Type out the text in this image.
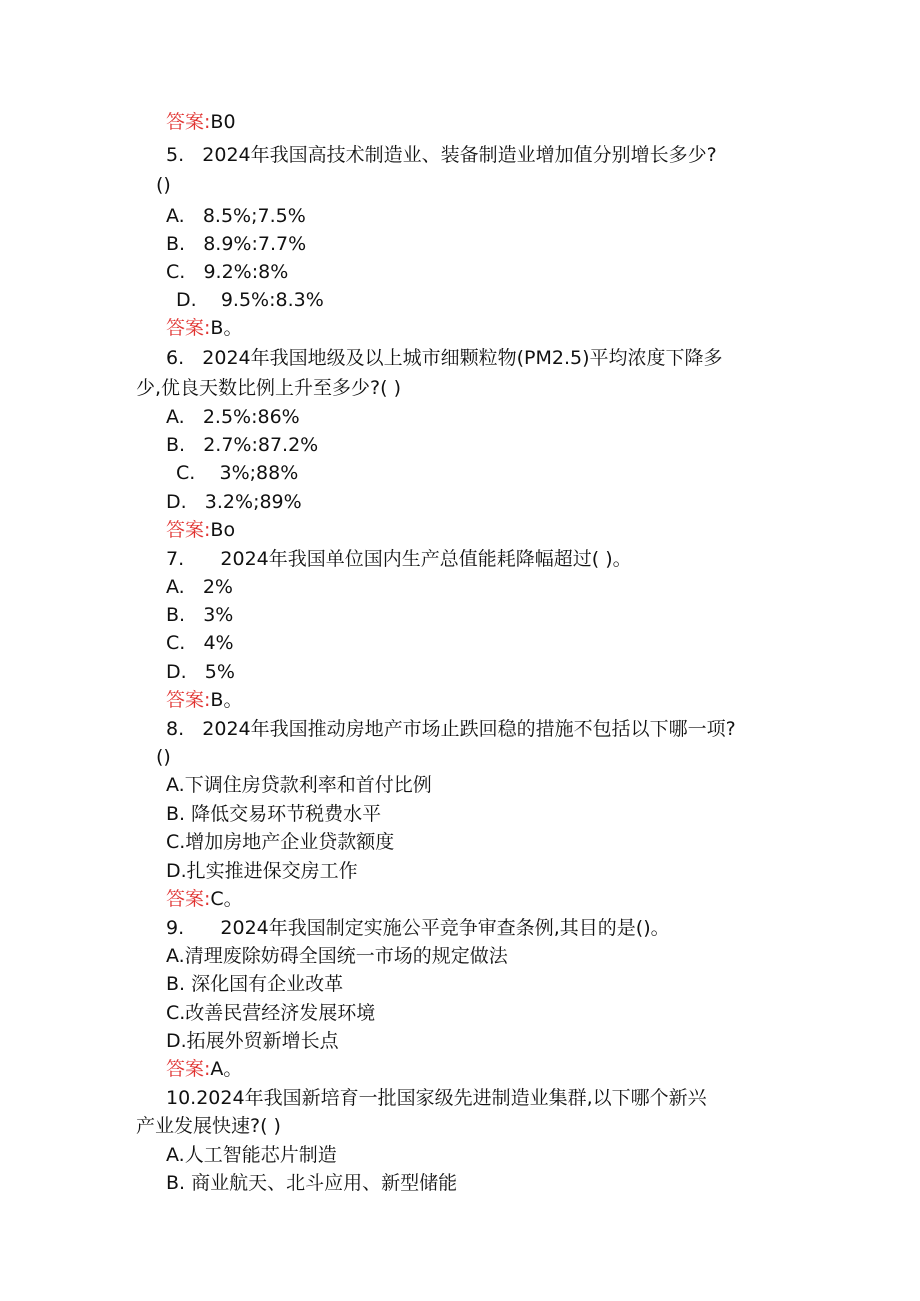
答案:B0
5. 2024年我国高技术制造业、装备制造业增加值分别增长多少?
()
A. 8.5%;7.5%
B. 8.9%:7.7%
C. 9.2%:8%
D. 9.5%:8.3%
答案:B。
6. 2024年我国地级及以上城市细颗粒物(PM2.5)平均浓度下降多
少,优良天数比例上升至多少?( )
A. 2.5%:86%
B. 2.7%:87.2%
C. 3%;88%
D. 3.2%;89%
答案:Bo
7. 2024年我国单位国内生产总值能耗降幅超过( )。
A. 2%
B. 3%
C. 4%
D. 5%
答案:B。
8. 2024年我国推动房地产市场止跌回稳的措施不包括以下哪一项?
()
A.下调住房贷款利率和首付比例
B. 降低交易环节税费水平
C.增加房地产企业贷款额度
D.扎实推进保交房工作
答案:C。
9. 2024年我国制定实施公平竞争审查条例,其目的是()。
A.清理废除妨碍全国统一市场的规定做法
B. 深化国有企业改革
C.改善民营经济发展环境
D.拓展外贸新增长点
答案:A。
10.2024年我国新培育一批国家级先进制造业集群,以下哪个新兴
产业发展快速?( )
A.人工智能芯片制造
B. 商业航天、北斗应用、新型储能
